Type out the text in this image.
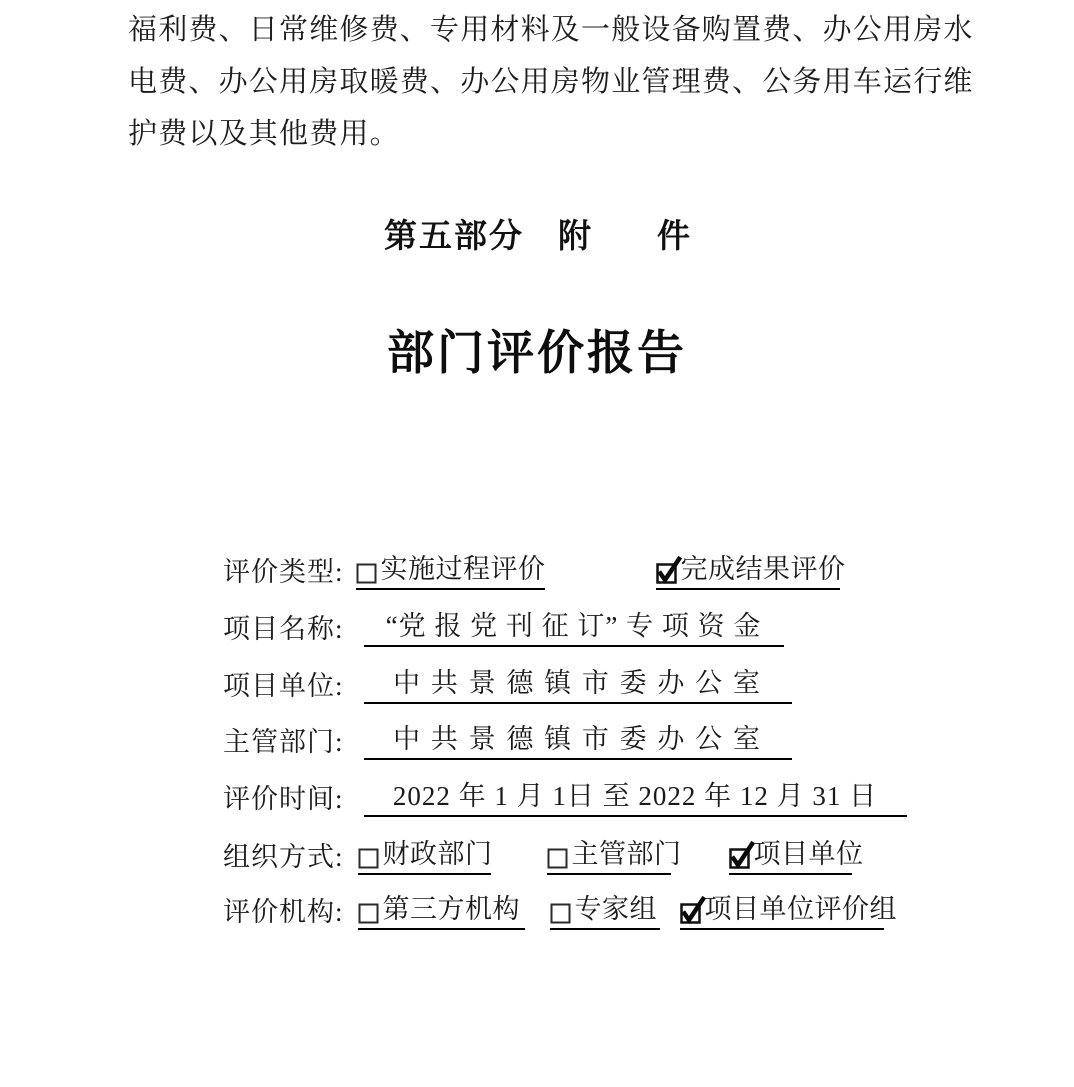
福利费、日常维修费、专用材料及一般设备购置费、办公用房水
电费、办公用房取暖费、办公用房物业管理费、公务用车运行维
护费以及其他费用。
第五部分 附 件
部门评价报告
评价类型: 实施过程评价	完成结果评价
项目名称:	“党 报 党 刊 征 订” 专 项 资 金
项目单位:	中 共 景 德 镇 市 委 办 公 室
主管部门:	中 共 景 德 镇 市 委 办 公 室
评价时间:	2022 年 1 月 1日 至 2022 年 12 月 31 日
组织方式: 财政部门	主管部门	项目单位
评价机构: 第三方机构 专家组 项目单位评价组
